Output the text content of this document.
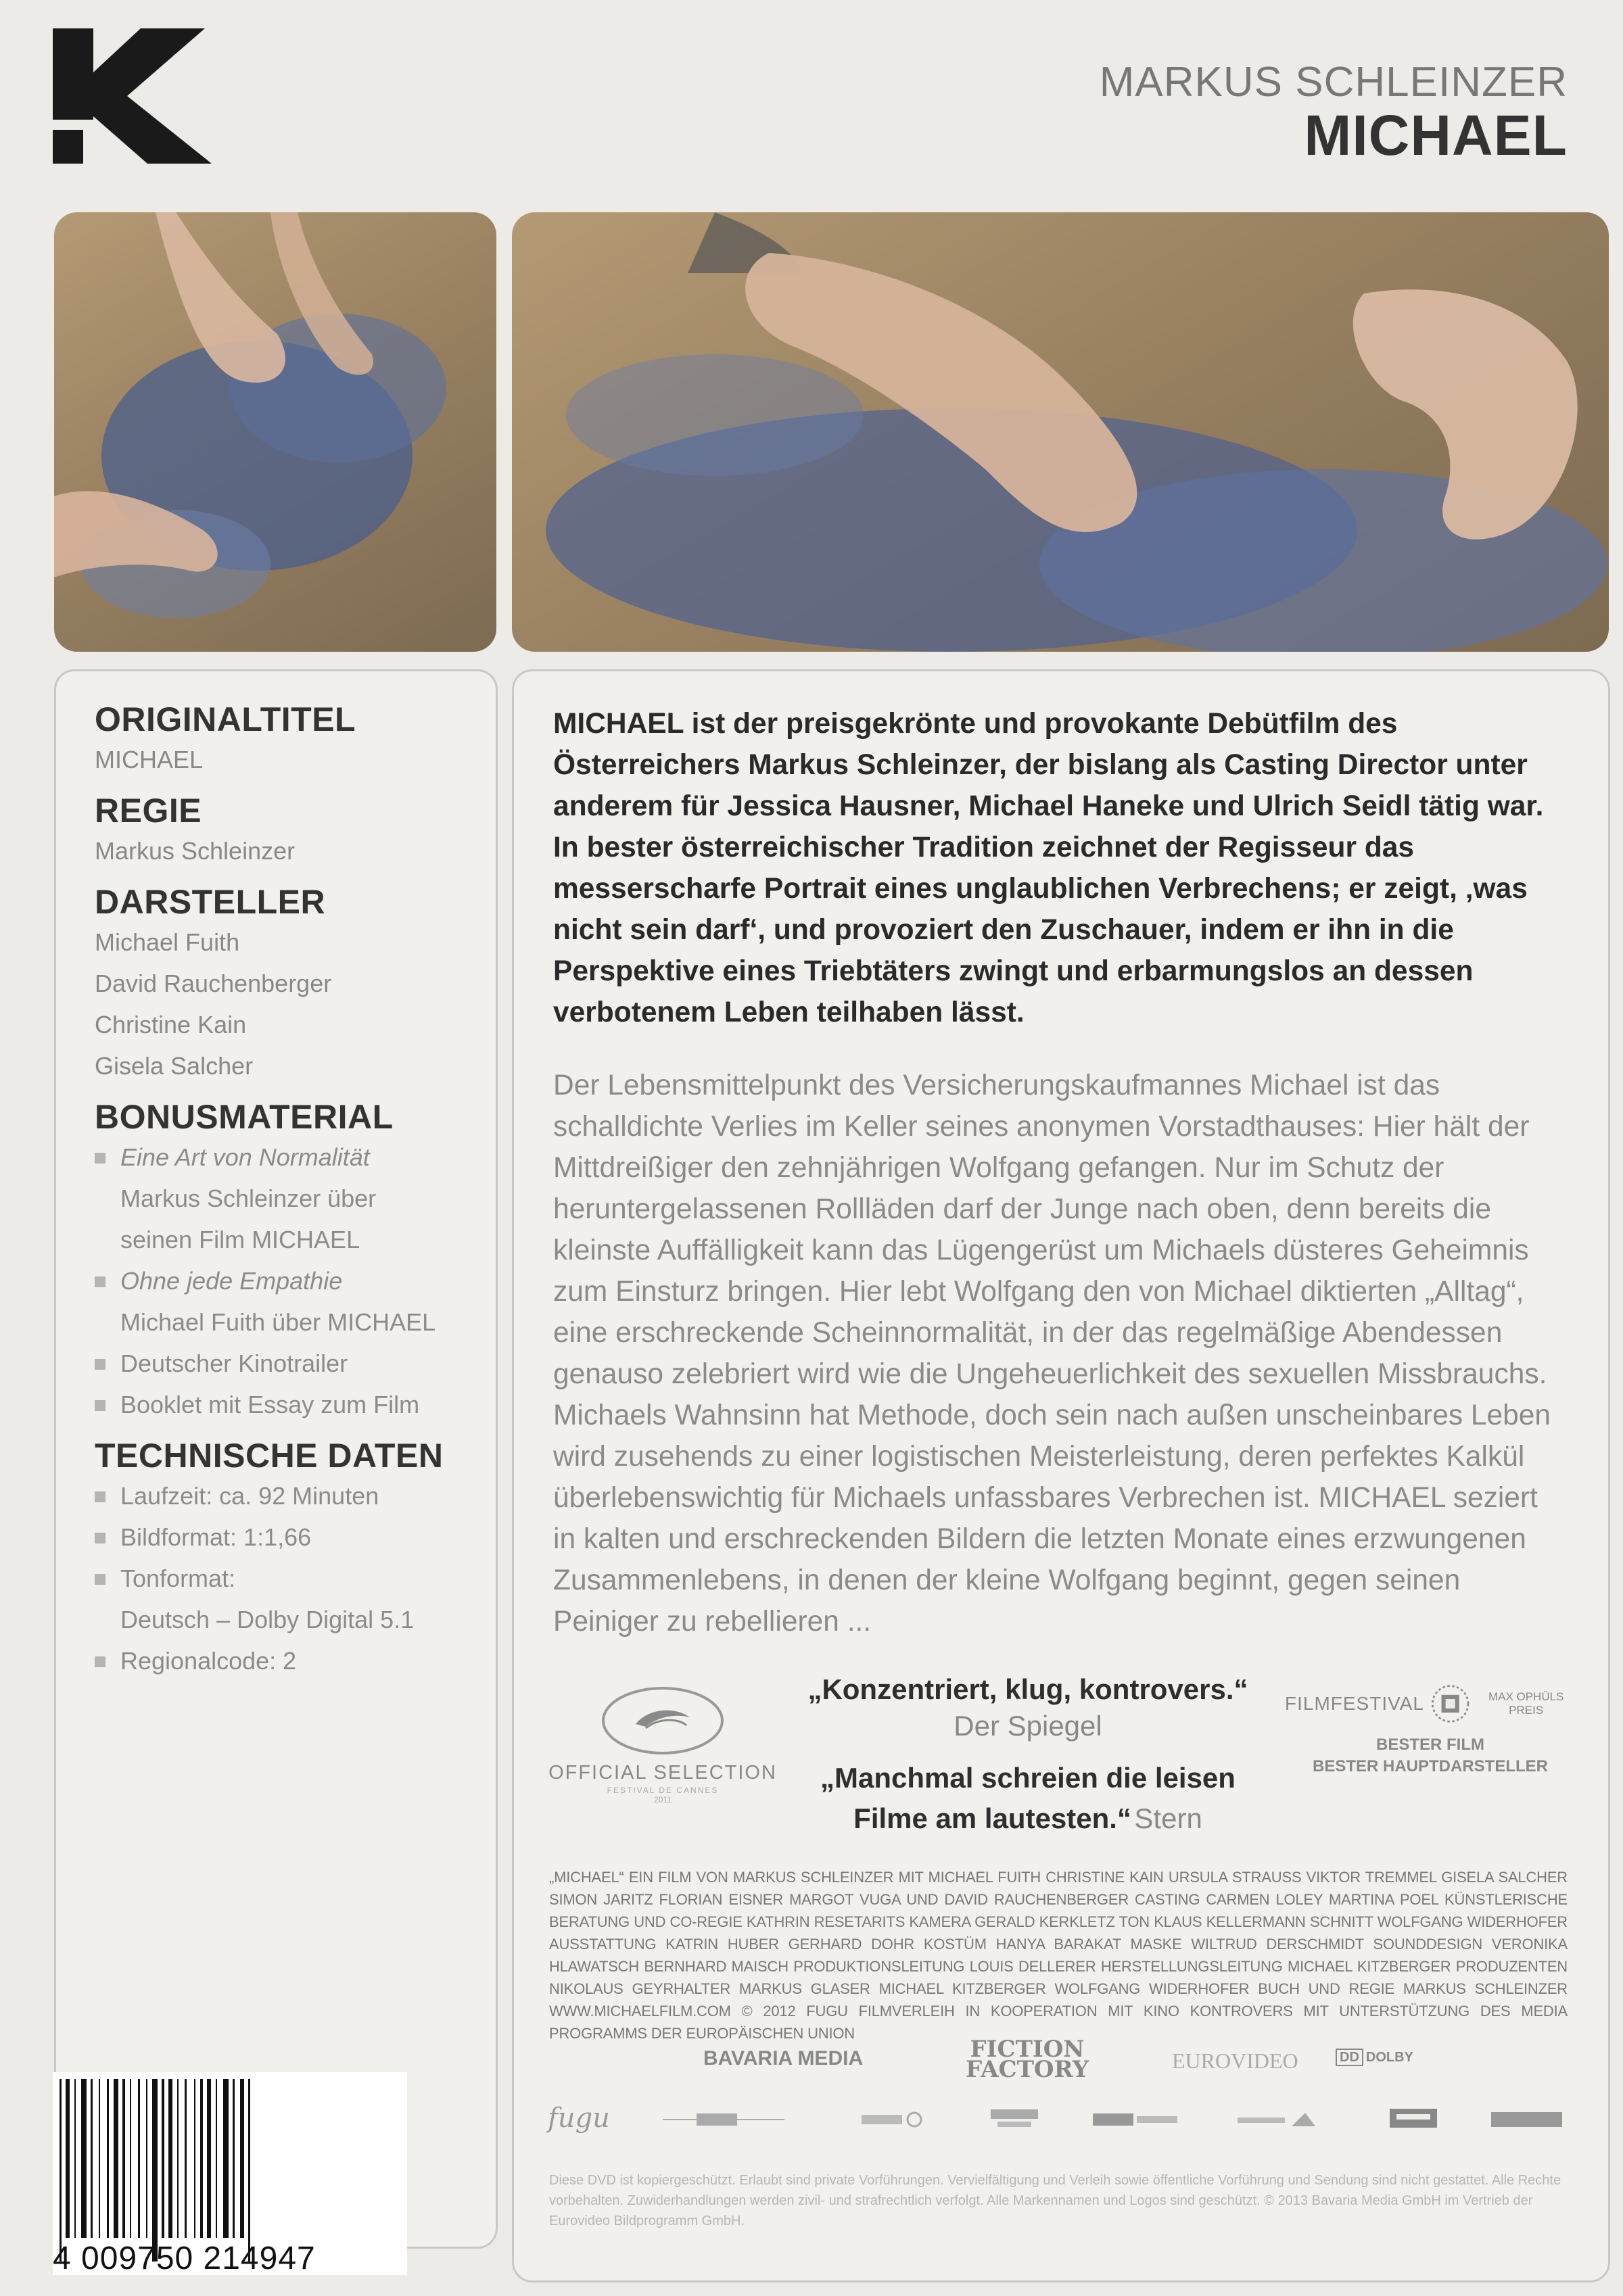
MARKUS SCHLEINZER
MICHAEL
ORIGINALTITEL

MICHAEL

REGIE

Markus Schleinzer

DARSTELLER

Michael Fuith

David Rauchenberger

Christine Kain

Gisela Salcher

BONUSMATERIAL
Eine Art von Normalität
Markus Schleinzer über
seinen Film MICHAEL
Ohne jede Empathie
Michael Fuith über MICHAEL
Deutscher Kinotrailer
Booklet mit Essay zum Film
TECHNISCHE DATEN
Laufzeit: ca. 92 Minuten
Bildformat: 1:1,66
Tonformat:
Deutsch – Dolby Digital 5.1
Regionalcode: 2
MICHAEL ist der preisgekrönte und provokante Debütfilm des Österreichers Markus Schleinzer, der bislang als Casting Director unter anderem für Jessica Hausner, Michael Haneke und Ulrich Seidl tätig war. In bester österreichischer Tradition zeichnet der Regisseur das messerscharfe Portrait eines unglaublichen Verbrechens; er zeigt, ‚was nicht sein darf‘, und provoziert den Zuschauer, indem er ihn in die Perspektive eines Triebtäters zwingt und erbarmungslos an dessen verbotenem Leben teilhaben lässt.
Der Lebensmittelpunkt des Versicherungskaufmannes Michael ist das schalldichte Verlies im Keller seines anonymen Vorstadthauses: Hier hält der Mittdreißiger den zehnjährigen Wolfgang gefangen. Nur im Schutz der heruntergelassenen Rollläden darf der Junge nach oben, denn bereits die kleinste Auffälligkeit kann das Lügengerüst um Michaels düsteres Geheimnis zum Einsturz bringen. Hier lebt Wolfgang den von Michael diktierten „Alltag“, eine erschreckende Scheinnormalität, in der das regelmäßige Abendessen genauso zelebriert wird wie die Ungeheuerlichkeit des sexuellen Missbrauchs. Michaels Wahnsinn hat Methode, doch sein nach außen unscheinbares Leben wird zusehends zu einer logistischen Meisterleistung, deren perfektes Kalkül überlebenswichtig für Michaels unfassbares Verbrechen ist. MICHAEL seziert in kalten und erschreckenden Bildern die letzten Monate eines erzwungenen Zusammenlebens, in denen der kleine Wolfgang beginnt, gegen seinen Peiniger zu rebellieren ...
OFFICIAL SELECTION
FESTIVAL DE CANNES
2011
„Konzentriert, klug, kontrovers.“
Der Spiegel
„Manchmal schreien die leisen
Filme am lautesten.“ Stern
FILMFESTIVAL	MAX OPHÜLS PREIS
BESTER FILM
BESTER HAUPTDARSTELLER
„MICHAEL“ EIN FILM VON MARKUS SCHLEINZER MIT MICHAEL FUITH CHRISTINE KAIN URSULA STRAUSS VIKTOR TREMMEL GISELA SALCHER SIMON JARITZ FLORIAN EISNER MARGOT VUGA UND DAVID RAUCHENBERGER CASTING CARMEN LOLEY MARTINA POEL KÜNSTLERISCHE BERATUNG UND CO-REGIE KATHRIN RESETARITS KAMERA GERALD KERKLETZ TON KLAUS KELLERMANN SCHNITT WOLFGANG WIDERHOFER AUSSTATTUNG KATRIN HUBER GERHARD DOHR KOSTÜM HANYA BARAKAT MASKE WILTRUD DERSCHMIDT SOUNDDESIGN VERONIKA HLAWATSCH BERNHARD MAISCH PRODUKTIONSLEITUNG LOUIS DELLERER HERSTELLUNGSLEITUNG MICHAEL KITZBERGER PRODUZENTEN NIKOLAUS GEYRHALTER MARKUS GLASER MICHAEL KITZBERGER WOLFGANG WIDERHOFER BUCH UND REGIE MARKUS SCHLEINZER WWW.MICHAELFILM.COM © 2012 FUGU FILMVERLEIH IN KOOPERATION MIT KINO KONTROVERS MIT UNTERSTÜTZUNG DES MEDIA PROGRAMMS DER EUROPÄISCHEN UNION
BAVARIA MEDIA	FICTION
FACTORY	EUROVIDEO	DD DOLBY
fugu
Diese DVD ist kopiergeschützt. Erlaubt sind private Vorführungen. Vervielfältigung und Verleih sowie öffentliche Vorführung und Sendung sind nicht gestattet. Alle Rechte vorbehalten. Zuwiderhandlungen werden zivil- und strafrechtlich verfolgt. Alle Markennamen und Logos sind geschützt. © 2013 Bavaria Media GmbH im Vertrieb der Eurovideo Bildprogramm GmbH.
4 009750 214947
